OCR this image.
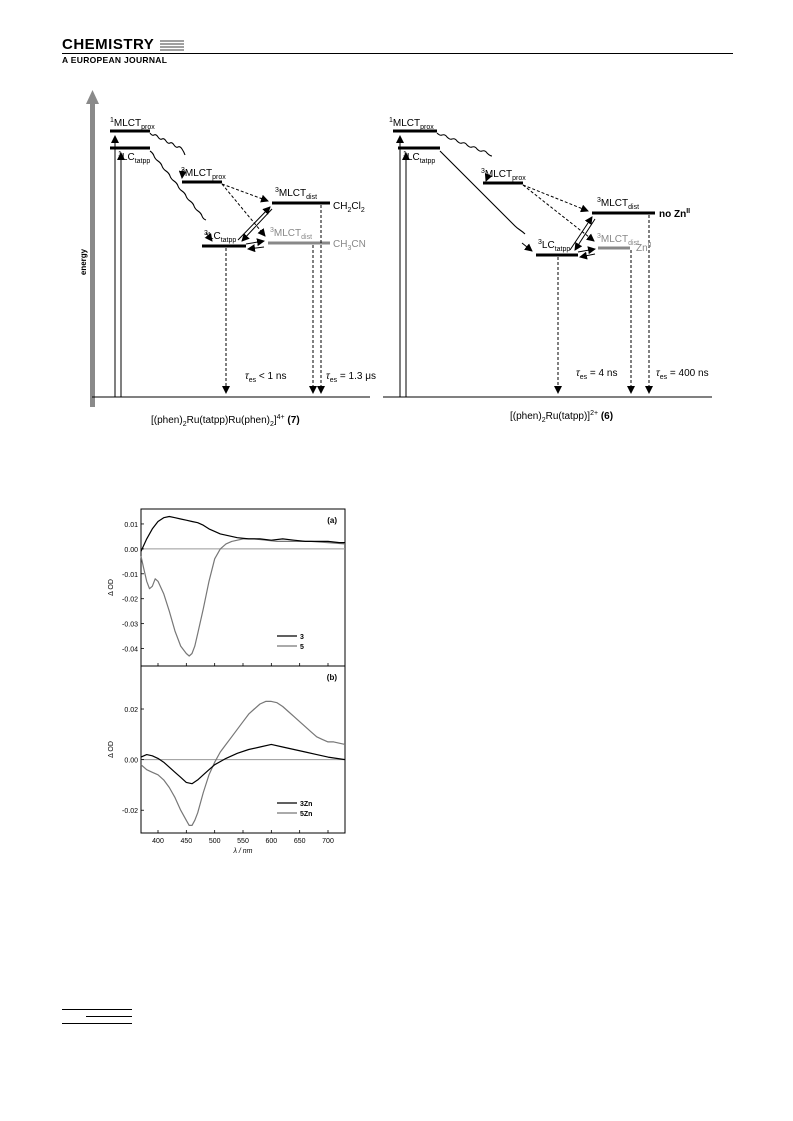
CHEMISTRY
A EUROPEAN JOURNAL
energy
$^1MLCT_{prox}$
$^1LC_{tatpp}$
$^3MLCT_{prox}$
$^3MLCT_{dist}$
$^3LC_{tatpp}$
$^3MLCT_{dist}$
$CH_2Cl_2$
$CH_3CN$
$\tau_{es} < 1$ ns	$\tau_{es} = 1.3$ μs
$[(phen)_2Ru(tatpp)Ru(phen)_2]^{4+}$ (7)
$^1MLCT_{prox}$
$^1LC_{tatpp}$
$^3MLCT_{prox}$
$^3MLCT_{dist}$
$^3LC_{tatpp}$
$^3MLCT_{dist}$
no $Zn^{II}$
$Zn^{II}$
$\tau_{es} = 4$ ns	$\tau_{es} = 400$ ns
$[(phen)_2Ru(tatpp)]^{2+}$ (6)
0.01
0.00
-0.01
-0.02
-0.03
-0.04
Δ OD
(a)
3
5
0.02
0.00
-0.02
400 450 500 550 600 650 700
Δ OD
λ / nm
(b)
3Zn
5Zn
